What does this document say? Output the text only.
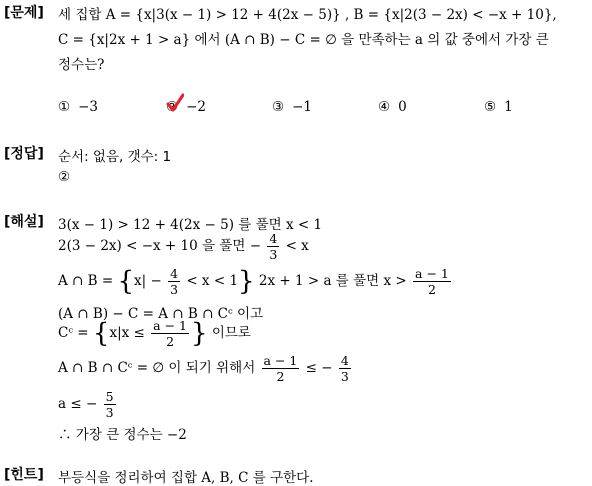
[문제] 세 집합 A = {x|3(x − 1) > 12 + 4(2x − 5)} , B = {x|2(3 − 2x) < −x + 10},
C = {x|2x + 1 > a} 에서 (A ∩ B) − C = ∅ 을 만족하는 a 의 값 중에서 가장 큰
정수는?
① −3	② −2	③ −1	④ 0	⑤ 1
[정답] 순서: 없음, 갯수: 1
②
[해설] 3(x − 1) > 12 + 4(2x − 5) 를 풀면 x < 1
2(3 − 2x) < −x + 10 을 풀면 − $\frac{4}{3} < x$
A ∩ $B = \{x| - \frac{4}{3} < x < 1\}$ 2x + 1 > a 를 풀면 $x > \frac{a - 1}{2}$
(A ∩ B) − C = A ∩ B ∩ Cᶜ 이고
Cᶜ = {$x|x \le \frac{a - 1}{2}$ } 이므로
A ∩ B ∩ Cᶜ = ∅ 이 되기 위해서 $\frac{a - 1}{2}$ ≤ − $\frac{4}{3}$
a ≤ − $\frac{5}{3}$
∴ 가장 큰 정수는 −2
[힌트] 부등식을 정리하여 집합 A, B, C 를 구한다.
